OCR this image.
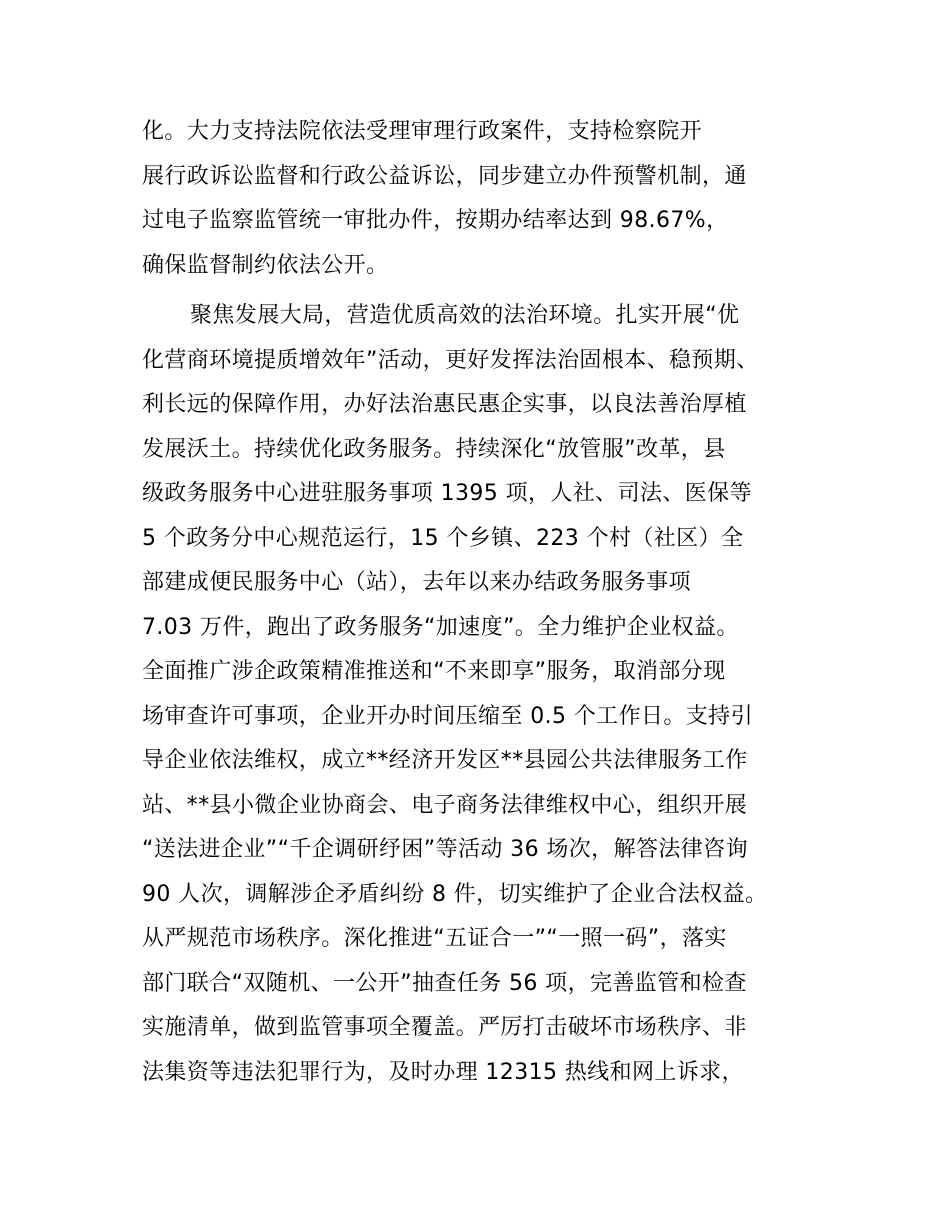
化。大力支持法院依法受理审理行政案件，支持检察院开
展行政诉讼监督和行政公益诉讼，同步建立办件预警机制，通
过电子监察监管统一审批办件，按期办结率达到 98.67%，
确保监督制约依法公开。
聚焦发展大局，营造优质高效的法治环境。扎实开展“优
化营商环境提质增效年”活动，更好发挥法治固根本、稳预期、
利长远的保障作用，办好法治惠民惠企实事，以良法善治厚植
发展沃土。持续优化政务服务。持续深化“放管服”改革，县
级政务服务中心进驻服务事项 1395 项，人社、司法、医保等
5 个政务分中心规范运行，15 个乡镇、223 个村（社区）全
部建成便民服务中心（站），去年以来办结政务服务事项
7.03 万件，跑出了政务服务“加速度”。全力维护企业权益。
全面推广涉企政策精准推送和“不来即享”服务，取消部分现
场审查许可事项，企业开办时间压缩至 0.5 个工作日。支持引
导企业依法维权，成立**经济开发区**县园公共法律服务工作
站、**县小微企业协商会、电子商务法律维权中心，组织开展
“送法进企业”“千企调研纾困”等活动 36 场次，解答法律咨询
90 人次，调解涉企矛盾纠纷 8 件，切实维护了企业合法权益。
从严规范市场秩序。深化推进“五证合一”“一照一码”，落实
部门联合“双随机、一公开”抽查任务 56 项，完善监管和检查
实施清单，做到监管事项全覆盖。严厉打击破坏市场秩序、非
法集资等违法犯罪行为，及时办理 12315 热线和网上诉求，
